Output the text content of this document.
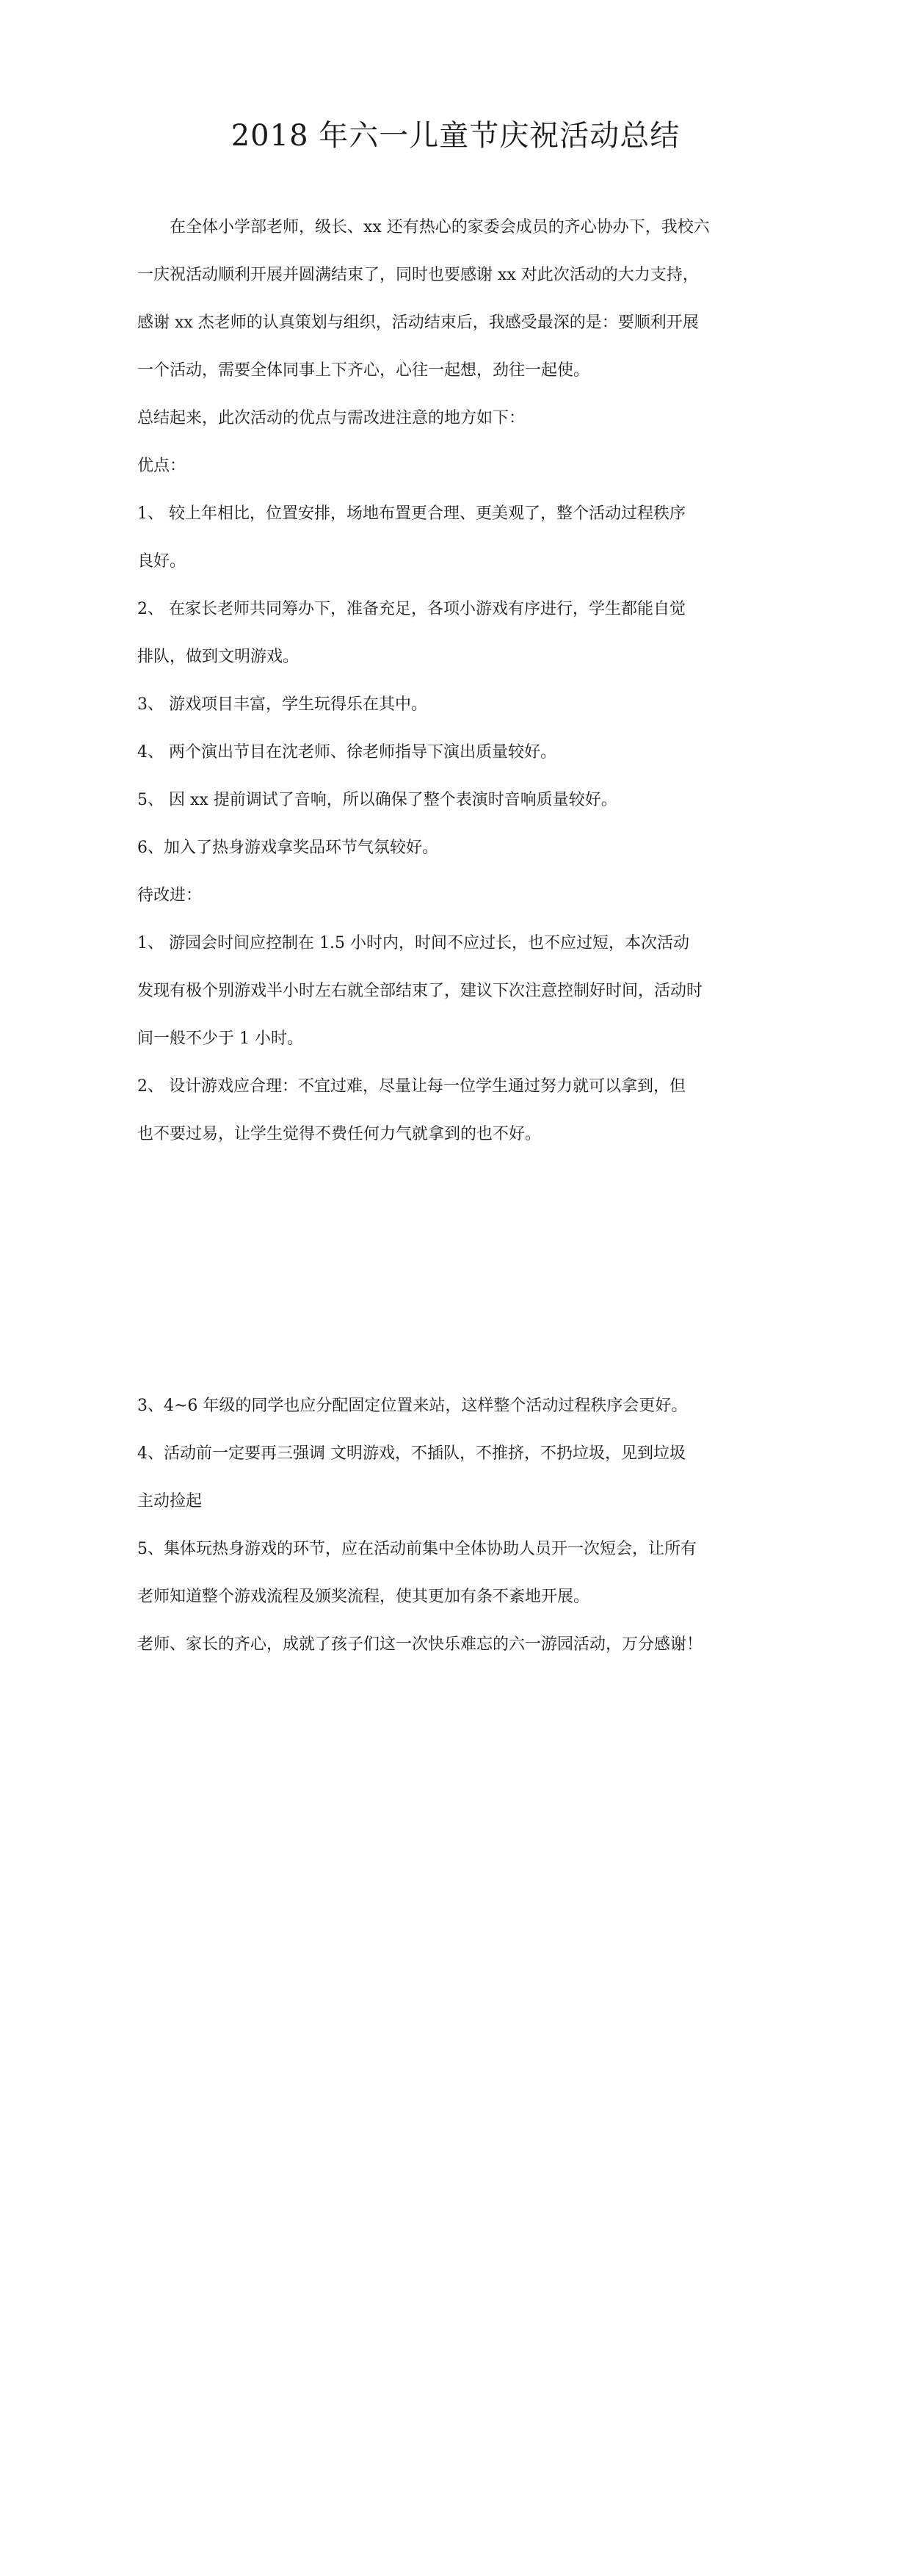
2018 年六一儿童节庆祝活动总结

　　在全体小学部老师，级长、xx 还有热心的家委会成员的齐心协办下，我校六

一庆祝活动顺利开展并圆满结束了，同时也要感谢 xx 对此次活动的大力支持，

感谢 xx 杰老师的认真策划与组织，活动结束后，我感受最深的是：要顺利开展

一个活动，需要全体同事上下齐心，心往一起想，劲往一起使。

总结起来，此次活动的优点与需改进注意的地方如下：

优点：

1、 较上年相比，位置安排，场地布置更合理、更美观了，整个活动过程秩序

良好。

2、 在家长老师共同筹办下，准备充足，各项小游戏有序进行，学生都能自觉

排队，做到文明游戏。

3、 游戏项目丰富，学生玩得乐在其中。

4、 两个演出节目在沈老师、徐老师指导下演出质量较好。

5、 因 xx 提前调试了音响，所以确保了整个表演时音响质量较好。

6、加入了热身游戏拿奖品环节气氛较好。

待改进：

1、 游园会时间应控制在 1.5 小时内，时间不应过长，也不应过短，本次活动

发现有极个别游戏半小时左右就全部结束了，建议下次注意控制好时间，活动时

间一般不少于 1 小时。

2、 设计游戏应合理：不宜过难，尽量让每一位学生通过努力就可以拿到，但

也不要过易，让学生觉得不费任何力气就拿到的也不好。

3、4~6 年级的同学也应分配固定位置来站，这样整个活动过程秩序会更好。

4、活动前一定要再三强调 文明游戏，不插队，不推挤，不扔垃圾，见到垃圾

主动捡起

5、集体玩热身游戏的环节，应在活动前集中全体协助人员开一次短会，让所有

老师知道整个游戏流程及颁奖流程，使其更加有条不紊地开展。

老师、家长的齐心，成就了孩子们这一次快乐难忘的六一游园活动，万分感谢！
